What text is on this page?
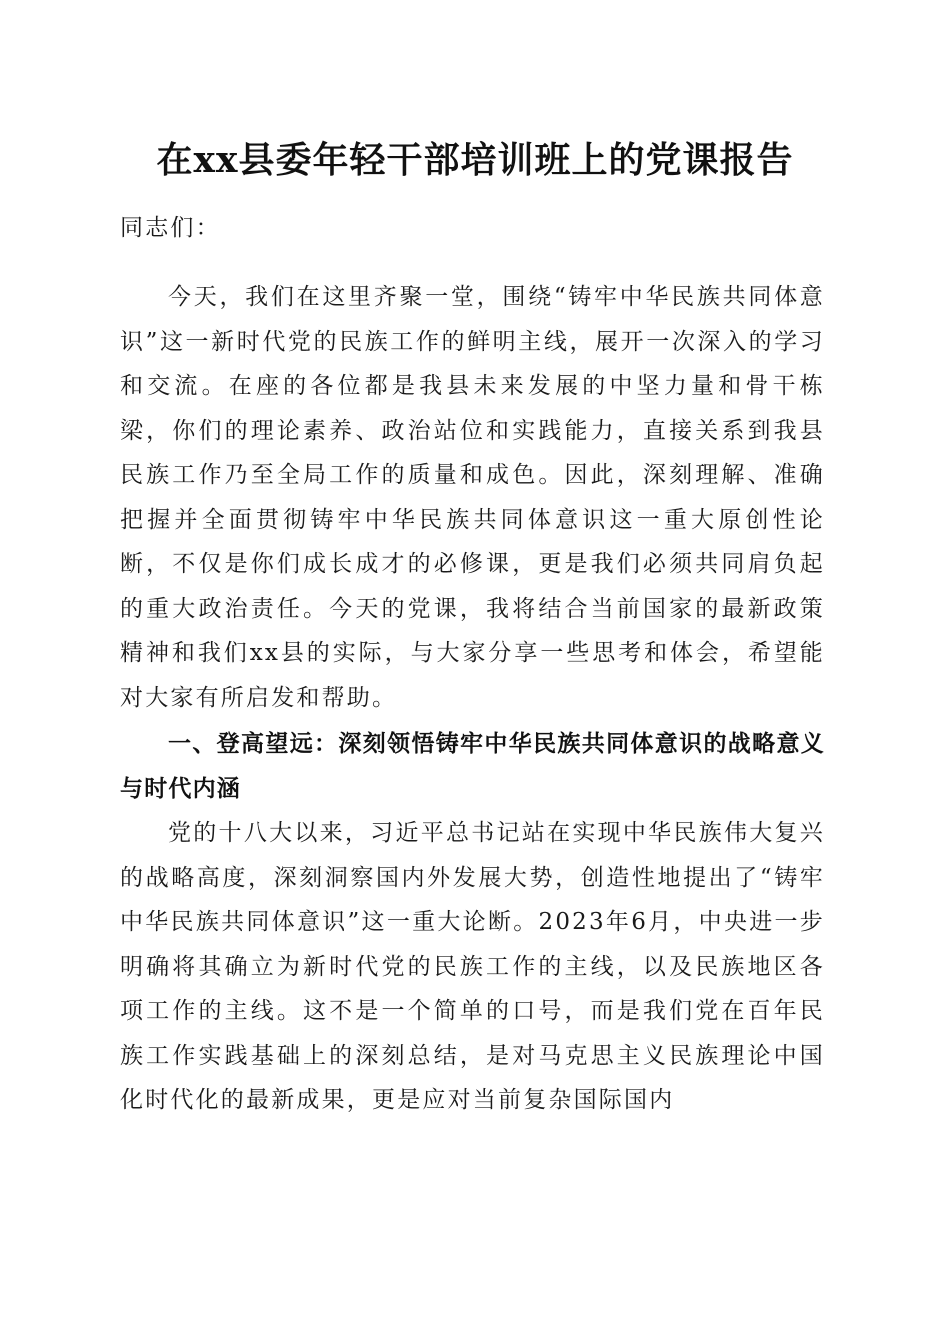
在xx县委年轻干部培训班上的党课报告
同志们：
今天，我们在这里齐聚一堂，围绕“铸牢中华民族共同体意识”这一新时代党的民族工作的鲜明主线，展开一次深入的学习和交流。在座的各位都是我县未来发展的中坚力量和骨干栋梁，你们的理论素养、政治站位和实践能力，直接关系到我县民族工作乃至全局工作的质量和成色。因此，深刻理解、准确把握并全面贯彻铸牢中华民族共同体意识这一重大原创性论断，不仅是你们成长成才的必修课，更是我们必须共同肩负起的重大政治责任。今天的党课，我将结合当前国家的最新政策精神和我们xx县的实际，与大家分享一些思考和体会，希望能对大家有所启发和帮助。
一、登高望远：深刻领悟铸牢中华民族共同体意识的战略意义与时代内涵
党的十八大以来，习近平总书记站在实现中华民族伟大复兴的战略高度，深刻洞察国内外发展大势，创造性地提出了“铸牢中华民族共同体意识”这一重大论断。2023年6月，中央进一步明确将其确立为新时代党的民族工作的主线，以及民族地区各项工作的主线。这不是一个简单的口号，而是我们党在百年民族工作实践基础上的深刻总结，是对马克思主义民族理论中国化时代化的最新成果，更是应对当前复杂国际国内
